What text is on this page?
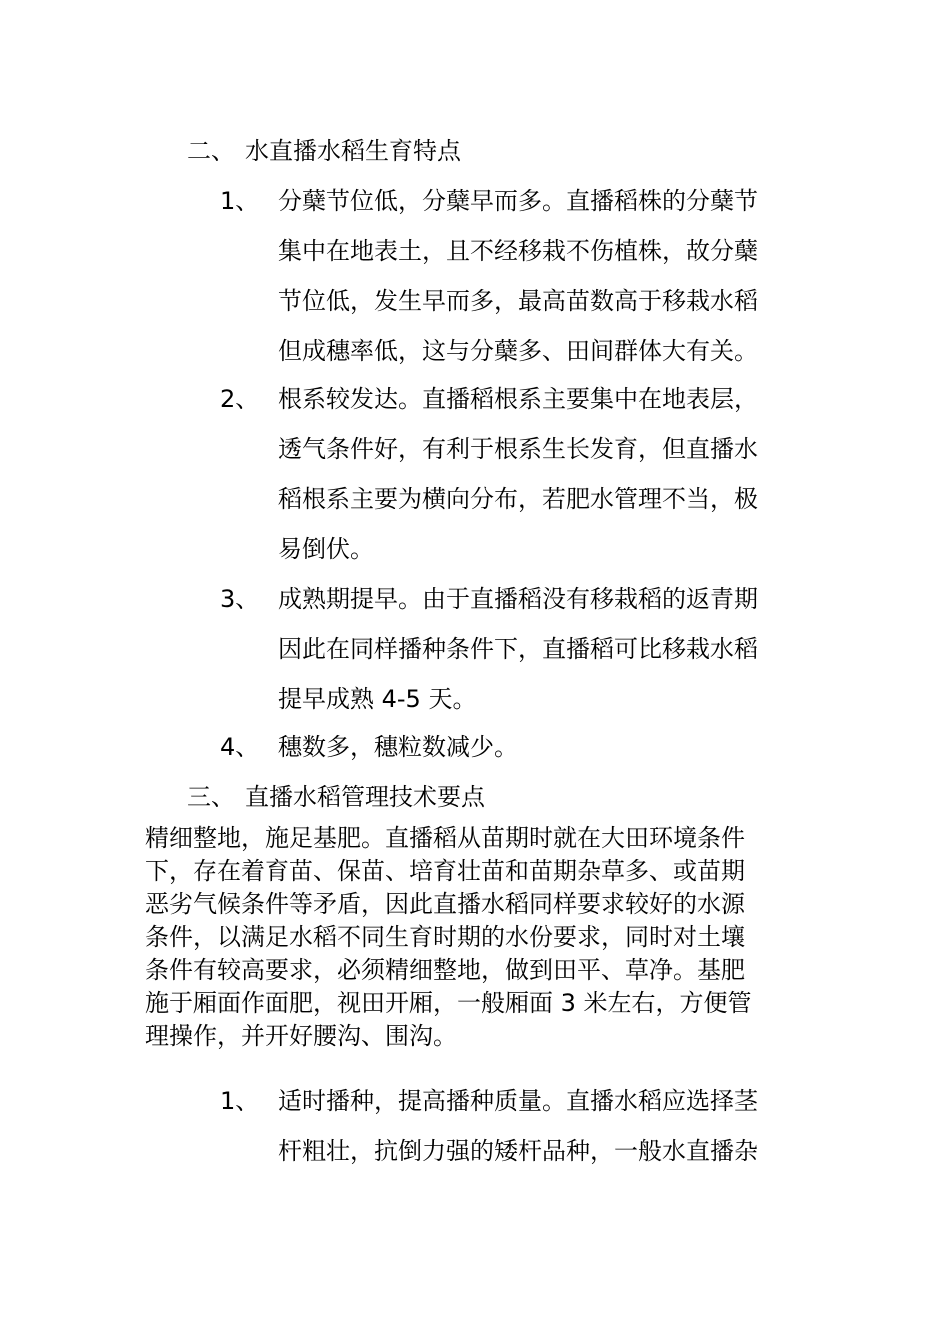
二、 水直播水稻生育特点
1、 分蘖节位低，分蘖早而多。直播稻株的分蘖节
集中在地表土，且不经移栽不伤植株，故分蘖
节位低，发生早而多，最高苗数高于移栽水稻
但成穗率低，这与分蘖多、田间群体大有关。
2、 根系较发达。直播稻根系主要集中在地表层，
透气条件好，有利于根系生长发育，但直播水
稻根系主要为横向分布，若肥水管理不当，极
易倒伏。
3、 成熟期提早。由于直播稻没有移栽稻的返青期
因此在同样播种条件下，直播稻可比移栽水稻
提早成熟 4-5 天。
4、 穗数多，穗粒数减少。
三、 直播水稻管理技术要点
精细整地，施足基肥。直播稻从苗期时就在大田环境条件
下，存在着育苗、保苗、培育壮苗和苗期杂草多、或苗期
恶劣气候条件等矛盾，因此直播水稻同样要求较好的水源
条件，以满足水稻不同生育时期的水份要求，同时对土壤
条件有较高要求，必须精细整地，做到田平、草净。基肥
施于厢面作面肥，视田开厢，一般厢面 3 米左右，方便管
理操作，并开好腰沟、围沟。
1、 适时播种，提高播种质量。直播水稻应选择茎
杆粗壮，抗倒力强的矮杆品种，一般水直播杂
